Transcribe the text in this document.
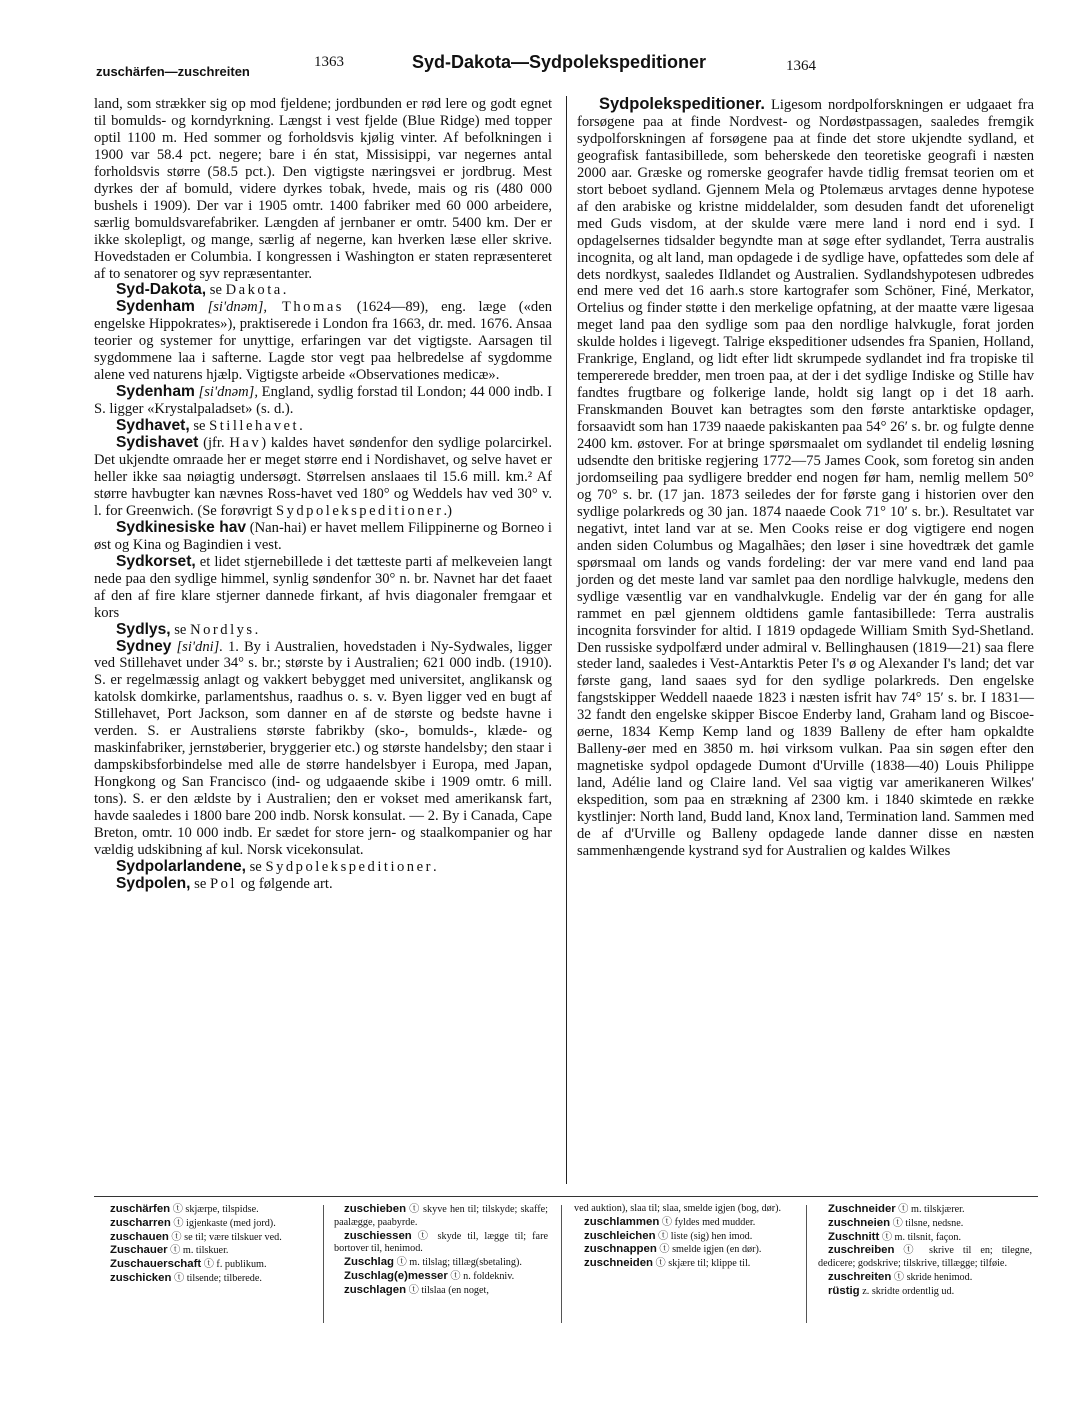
zuschärfen—zuschreiten
1363	Syd-Dakota—Sydpolekspeditioner	1364

land, som strækker sig op mod fjeldene; jordbunden er rød lere og godt egnet til bomulds- og korndyrkning. Længst i vest fjelde (Blue Ridge) med topper optil 1100 m. Hed sommer og forholdsvis kjølig vinter. Af befolkningen i 1900 var 58.4 pct. negere; bare i én stat, Missisippi, var negernes antal forholdsvis større (58.5 pct.). Den vigtigste næringsvei er jordbrug. Mest dyrkes der af bomuld, videre dyrkes tobak, hvede, mais og ris (480 000 bushels i 1909). Der var i 1905 omtr. 1400 fabriker med 60 000 arbeidere, særlig bomuldsvarefabriker. Længden af jernbaner er omtr. 5400 km. Der er ikke skolepligt, og mange, særlig af negerne, kan hverken læse eller skrive. Hovedstaden er Columbia. I kongressen i Washington er staten repræsenteret af to senatorer og syv repræsentanter.

Syd-Dakota, se Dakota.

Sydenham [si'dnəm], Thomas (1624—89), eng. læge («den engelske Hippokrates»), praktiserede i London fra 1663, dr. med. 1676. Ansaa teorier og systemer for unyttige, erfaringen var det vigtigste. Aarsagen til sygdommene laa i safterne. Lagde stor vegt paa helbredelse af sygdomme alene ved naturens hjælp. Vigtigste arbeide «Observationes medicæ».

Sydenham [si'dnəm], England, sydlig forstad til London; 44 000 indb. I S. ligger «Krystalpaladset» (s. d.).

Sydhavet, se Stillehavet.

Sydishavet (jfr. Hav) kaldes havet søndenfor den sydlige polarcirkel. Det ukjendte omraade her er meget større end i Nordishavet, og selve havet er heller ikke saa nøiagtig undersøgt. Størrelsen anslaaes til 15.6 mill. km.² Af større havbugter kan nævnes Ross-havet ved 180° og Weddels hav ved 30° v. l. for Greenwich. (Se forøvrigt Sydpolekspeditioner.)

Sydkinesiske hav (Nan-hai) er havet mellem Filippinerne og Borneo i øst og Kina og Bagindien i vest.

Sydkorset, et lidet stjernebillede i det tætteste parti af melkeveien langt nede paa den sydlige himmel, synlig søndenfor 30° n. br. Navnet har det faaet af den af fire klare stjerner dannede firkant, af hvis diagonaler fremgaar et kors

Sydlys, se Nordlys.

Sydney [si'dni]. 1. By i Australien, hovedstaden i Ny-Sydwales, ligger ved Stillehavet under 34° s. br.; største by i Australien; 621 000 indb. (1910). S. er regelmæssig anlagt og vakkert bebygget med universitet, anglikansk og katolsk domkirke, parlamentshus, raadhus o. s. v. Byen ligger ved en bugt af Stillehavet, Port Jackson, som danner en af de største og bedste havne i verden. S. er Australiens største fabrikby (sko-, bomulds-, klæde- og maskinfabriker, jernstøberier, bryggerier etc.) og største handelsby; den staar i dampskibsforbindelse med alle de større handelsbyer i Europa, med Japan, Hongkong og San Francisco (ind- og udgaaende skibe i 1909 omtr. 6 mill. tons). S. er den ældste by i Australien; den er vokset med amerikansk fart, havde saaledes i 1800 bare 200 indb. Norsk konsulat. — 2. By i Canada, Cape Breton, omtr. 10 000 indb. Er sædet for store jern- og staalkompanier og har vældig udskibning af kul. Norsk vicekonsulat.

Sydpolarlandene, se Sydpolekspeditioner.

Sydpolen, se Pol og følgende art.

Sydpolekspeditioner. Ligesom nordpolforskningen er udgaaet fra forsøgene paa at finde Nordvest- og Nordøstpassagen, saaledes fremgik sydpolforskningen af forsøgene paa at finde det store ukjendte sydland, et geografisk fantasibillede, som beherskede den teoretiske geografi i næsten 2000 aar. Græske og romerske geografer havde tidlig fremsat teorien om et stort beboet sydland. Gjennem Mela og Ptolemæus arvtages denne hypotese af den arabiske og kristne middelalder, som desuden fandt det uforeneligt med Guds visdom, at der skulde være mere land i nord end i syd. I opdagelsernes tidsalder begyndte man at søge efter sydlandet, Terra australis incognita, og alt land, man opdagede i de sydlige have, opfattedes som dele af dets nordkyst, saaledes Ildlandet og Australien. Sydlandshypotesen udbredes end mere ved det 16 aarh.s store kartografer som Schöner, Finé, Merkator, Ortelius og finder støtte i den merkelige opfatning, at der maatte være ligesaa meget land paa den sydlige som paa den nordlige halvkugle, forat jorden skulde holdes i ligevegt. Talrige ekspeditioner udsendes fra Spanien, Holland, Frankrige, England, og lidt efter lidt skrumpede sydlandet ind fra tropiske til tempererede bredder, men troen paa, at der i det sydlige Indiske og Stille hav fandtes frugtbare og folkerige lande, holdt sig langt op i det 18 aarh. Franskmanden Bouvet kan betragtes som den første antarktiske opdager, forsaavidt som han 1739 naaede pakiskanten paa 54° 26′ s. br. og fulgte denne 2400 km. østover. For at bringe spørsmaalet om sydlandet til endelig løsning udsendte den britiske regjering 1772—75 James Cook, som foretog sin anden jordomseiling paa sydligere bredder end nogen før ham, nemlig mellem 50° og 70° s. br. (17 jan. 1873 seiledes der for første gang i historien over den sydlige polarkreds og 30 jan. 1874 naaede Cook 71° 10′ s. br.). Resultatet var negativt, intet land var at se. Men Cooks reise er dog vigtigere end nogen anden siden Columbus og Magalhães; den løser i sine hovedtræk det gamle spørsmaal om lands og vands fordeling: der var mere vand end land paa jorden og det meste land var samlet paa den nordlige halvkugle, medens den sydlige væsentlig var en vandhalvkugle. Endelig var der én gang for alle rammet en pæl gjennem oldtidens gamle fantasibillede: Terra australis incognita forsvinder for altid. I 1819 opdagede William Smith Syd-Shetland. Den russiske sydpolfærd under admiral v. Bellinghausen (1819—21) saa flere steder land, saaledes i Vest-Antarktis Peter I's ø og Alexander I's land; det var første gang, land saaes syd for den sydlige polarkreds. Den engelske fangstskipper Weddell naaede 1823 i næsten isfrit hav 74° 15′ s. br. I 1831—32 fandt den engelske skipper Biscoe Enderby land, Graham land og Biscoe-øerne, 1834 Kemp Kemp land og 1839 Balleny de efter ham opkaldte Balleny-øer med en 3850 m. høi virksom vulkan. Paa sin søgen efter den magnetiske sydpol opdagede Dumont d'Urville (1838—40) Louis Philippe land, Adélie land og Claire land. Vel saa vigtig var amerikaneren Wilkes' ekspedition, som paa en strækning af 2300 km. i 1840 skimtede en række kystlinjer: North land, Budd land, Knox land, Termination land. Sammen med de af d'Urville og Balleny opdagede lande danner disse en næsten sammenhængende kystrand syd for Australien og kaldes Wilkes

zuschärfen ⓣ skjærpe, tilspidse.

zuscharren ⓣ igjenkaste (med jord).

zuschauen ⓣ se til; være tilskuer ved.

Zuschauer ⓣ m. tilskuer.

Zuschauerschaft ⓣ f. publikum.

zuschicken ⓣ tilsende; tilberede.

zuschieben ⓣ skyve hen til; tilskyde; skaffe; paalægge, paabyrde.

zuschiessen ⓣ skyde til, lægge til; fare bortover til, henimod.

Zuschlag ⓣ m. tilslag; tillæg(sbetaling).

Zuschlag(e)messer ⓣ n. foldekniv.

zuschlagen ⓣ tilslaa (en noget,

ved auktion), slaa til; slaa, smelde igjen (bog, dør).

zuschlammen ⓣ fyldes med mudder.

zuschleichen ⓣ liste (sig) hen imod.

zuschnappen ⓣ smelde igjen (en dør).

zuschneiden ⓣ skjære til; klippe til.

Zuschneider ⓣ m. tilskjærer.

zuschneien ⓣ tilsne, nedsne.

Zuschnitt ⓣ m. tilsnit, façon.

zuschreiben ⓣ skrive til en; tilegne, dedicere; godskrive; tilskrive, tillægge; tilføie.

zuschreiten ⓣ skride henimod.

rüstig z. skridte ordentlig ud.
